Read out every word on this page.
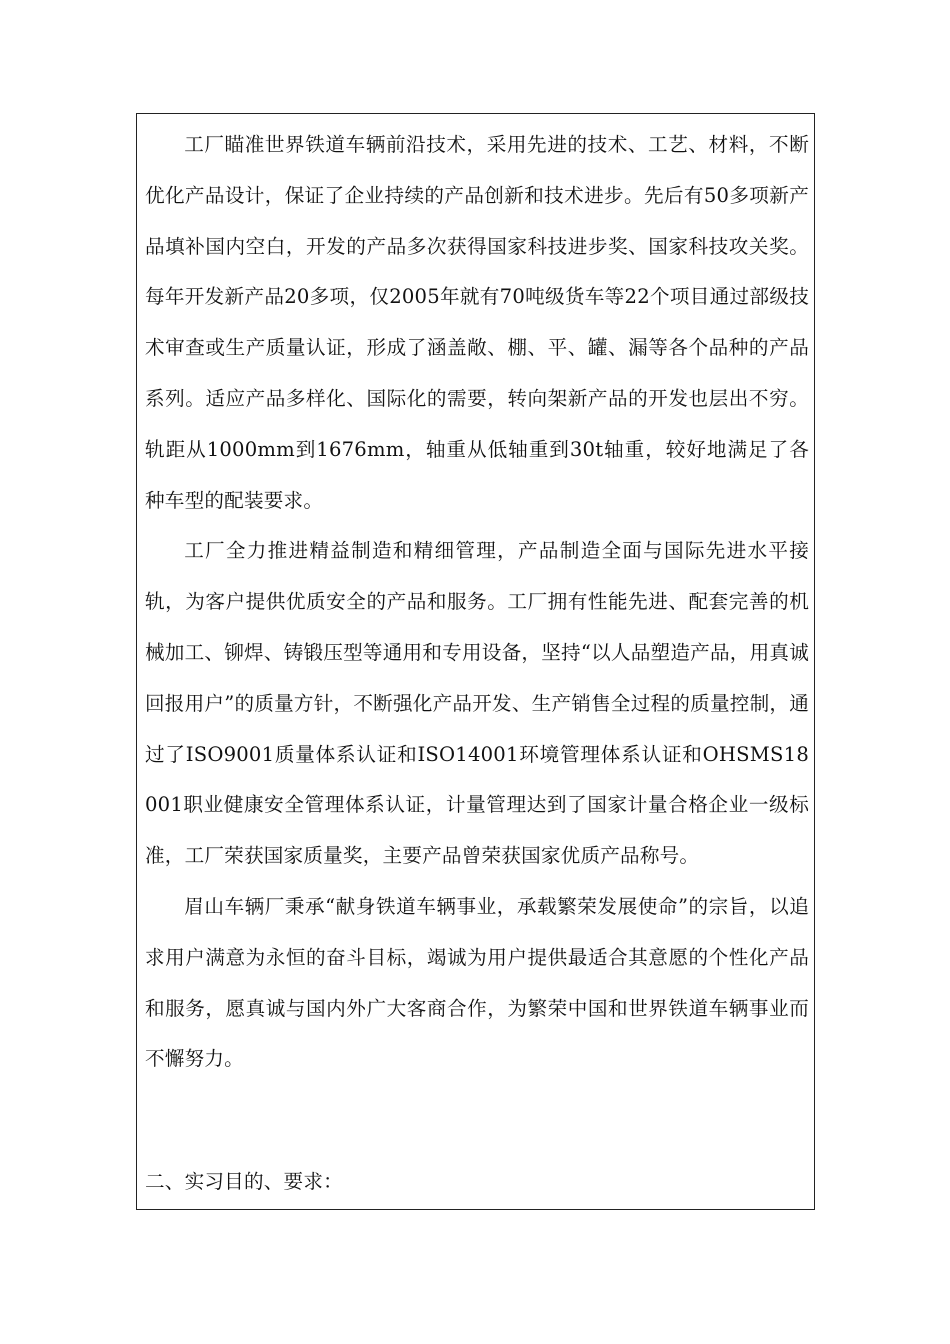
工厂瞄准世界铁道车辆前沿技术，采用先进的技术、工艺、材料，不断优化产品设计，保证了企业持续的产品创新和技术进步。先后有50多项新产品填补国内空白，开发的产品多次获得国家科技进步奖、国家科技攻关奖。每年开发新产品20多项，仅2005年就有70吨级货车等22个项目通过部级技术审查或生产质量认证，形成了涵盖敞、棚、平、罐、漏等各个品种的产品系列。适应产品多样化、国际化的需要，转向架新产品的开发也层出不穷。轨距从1000mm到1676mm，轴重从低轴重到30t轴重，较好地满足了各种车型的配装要求。

工厂全力推进精益制造和精细管理，产品制造全面与国际先进水平接轨，为客户提供优质安全的产品和服务。工厂拥有性能先进、配套完善的机械加工、铆焊、铸锻压型等通用和专用设备，坚持“以人品塑造产品，用真诚回报用户”的质量方针，不断强化产品开发、生产销售全过程的质量控制，通过了ISO9001质量体系认证和ISO14001环境管理体系认证和OHSMS18001职业健康安全管理体系认证，计量管理达到了国家计量合格企业一级标准，工厂荣获国家质量奖，主要产品曾荣获国家优质产品称号。

眉山车辆厂秉承“献身铁道车辆事业，承载繁荣发展使命”的宗旨，以追求用户满意为永恒的奋斗目标，竭诚为用户提供最适合其意愿的个性化产品和服务，愿真诚与国内外广大客商合作，为繁荣中国和世界铁道车辆事业而不懈努力。

二、实习目的、要求：
